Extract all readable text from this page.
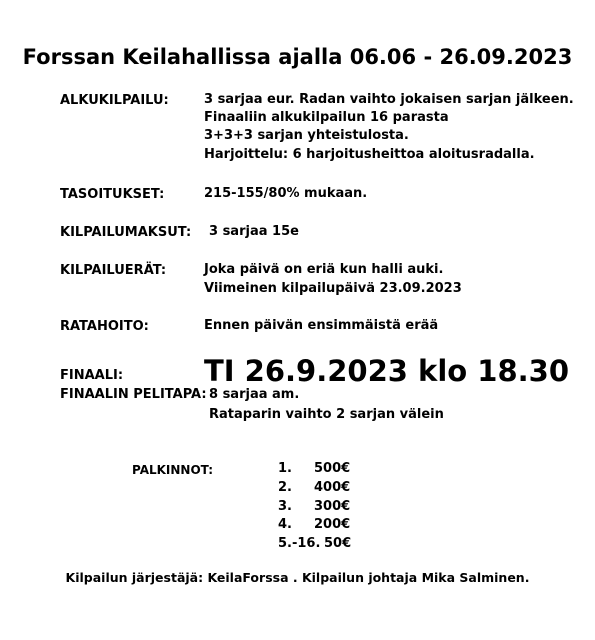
Forssan Keilahallissa ajalla 06.06 - 26.09.2023
ALKUKILPAILU:	3 sarjaa eur. Radan vaihto jokaisen sarjan jälkeen.
Finaaliin alkukilpailun 16 parasta
3+3+3 sarjan yhteistulosta.
Harjoittelu: 6 harjoitusheittoa aloitusradalla.
TASOITUKSET:	215-155/80% mukaan.
KILPAILUMAKSUT: 3 sarjaa 15e
KILPAILUERÄT:	Joka päivä on eriä kun halli auki.
Viimeinen kilpailupäivä 23.09.2023
RATAHOITO:	Ennen päivän ensimmäistä erää
FINAALI:	TI 26.9.2023 klo 18.30
FINAALIN PELITAPA: 8 sarjaa am.
Rataparin vaihto 2 sarjan välein
PALKINNOT:	1. 500€
2. 400€
3. 300€
4. 200€
5.-16. 50€
Kilpailun järjestäjä: KeilaForssa . Kilpailun johtaja Mika Salminen.
